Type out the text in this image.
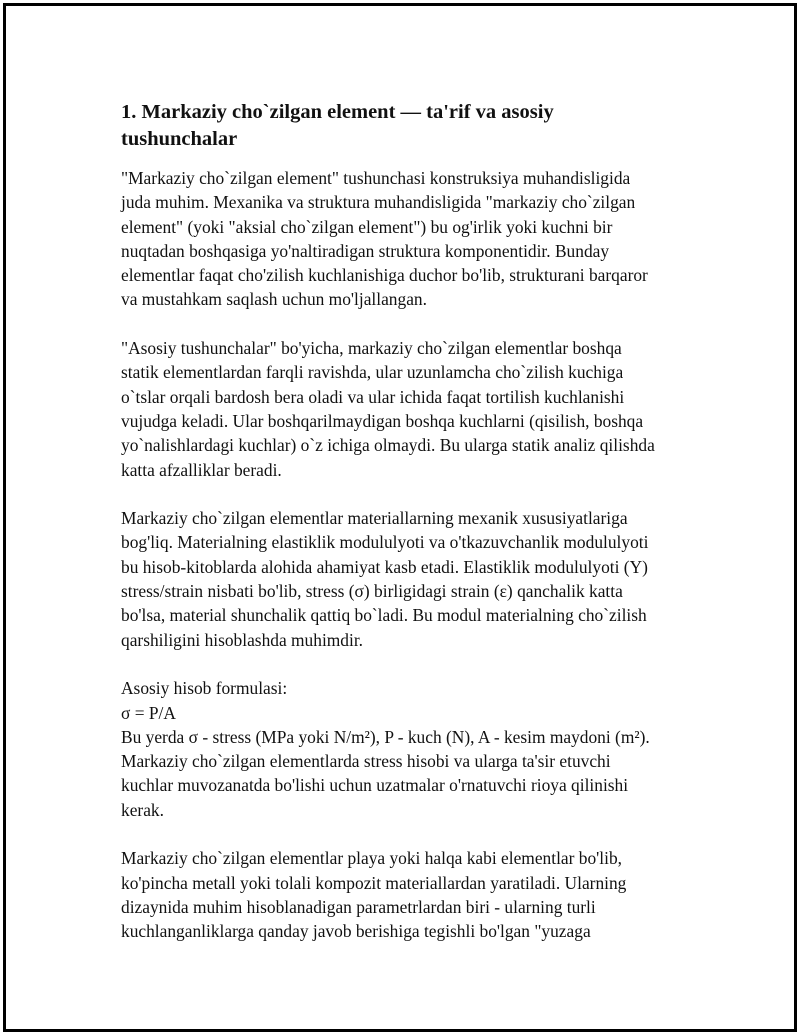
1. Markaziy cho`zilgan element — ta'rif va asosiy
tushunchalar

"Markaziy cho`zilgan element" tushunchasi konstruksiya muhandisligida
juda muhim. Mexanika va struktura muhandisligida "markaziy cho`zilgan
element" (yoki "aksial cho`zilgan element") bu og'irlik yoki kuchni bir
nuqtadan boshqasiga yo'naltiradigan struktura komponentidir. Bunday
elementlar faqat cho'zilish kuchlanishiga duchor bo'lib, strukturani barqaror
va mustahkam saqlash uchun mo'ljallangan.

"Asosiy tushunchalar" bo'yicha, markaziy cho`zilgan elementlar boshqa
statik elementlardan farqli ravishda, ular uzunlamcha cho`zilish kuchiga
o`tslar orqali bardosh bera oladi va ular ichida faqat tortilish kuchlanishi
vujudga keladi. Ular boshqarilmaydigan boshqa kuchlarni (qisilish, boshqa
yo`nalishlardagi kuchlar) o`z ichiga olmaydi. Bu ularga statik analiz qilishda
katta afzalliklar beradi.

Markaziy cho`zilgan elementlar materiallarning mexanik xususiyatlariga
bog'liq. Materialning elastiklik modululyoti va o'tkazuvchanlik modululyoti
bu hisob-kitoblarda alohida ahamiyat kasb etadi. Elastiklik modululyoti (Y)
stress/strain nisbati bo'lib, stress (σ) birligidagi strain (ε) qanchalik katta
bo'lsa, material shunchalik qattiq bo`ladi. Bu modul materialning cho`zilish
qarshiligini hisoblashda muhimdir.

Asosiy hisob formulasi:
σ = P/A
Bu yerda σ - stress (MPa yoki N/m²), P - kuch (N), A - kesim maydoni (m²).
Markaziy cho`zilgan elementlarda stress hisobi va ularga ta'sir etuvchi
kuchlar muvozanatda bo'lishi uchun uzatmalar o'rnatuvchi rioya qilinishi
kerak.

Markaziy cho`zilgan elementlar playa yoki halqa kabi elementlar bo'lib,
ko'pincha metall yoki tolali kompozit materiallardan yaratiladi. Ularning
dizaynida muhim hisoblanadigan parametrlardan biri - ularning turli
kuchlanganliklarga qanday javob berishiga tegishli bo'lgan "yuzaga
